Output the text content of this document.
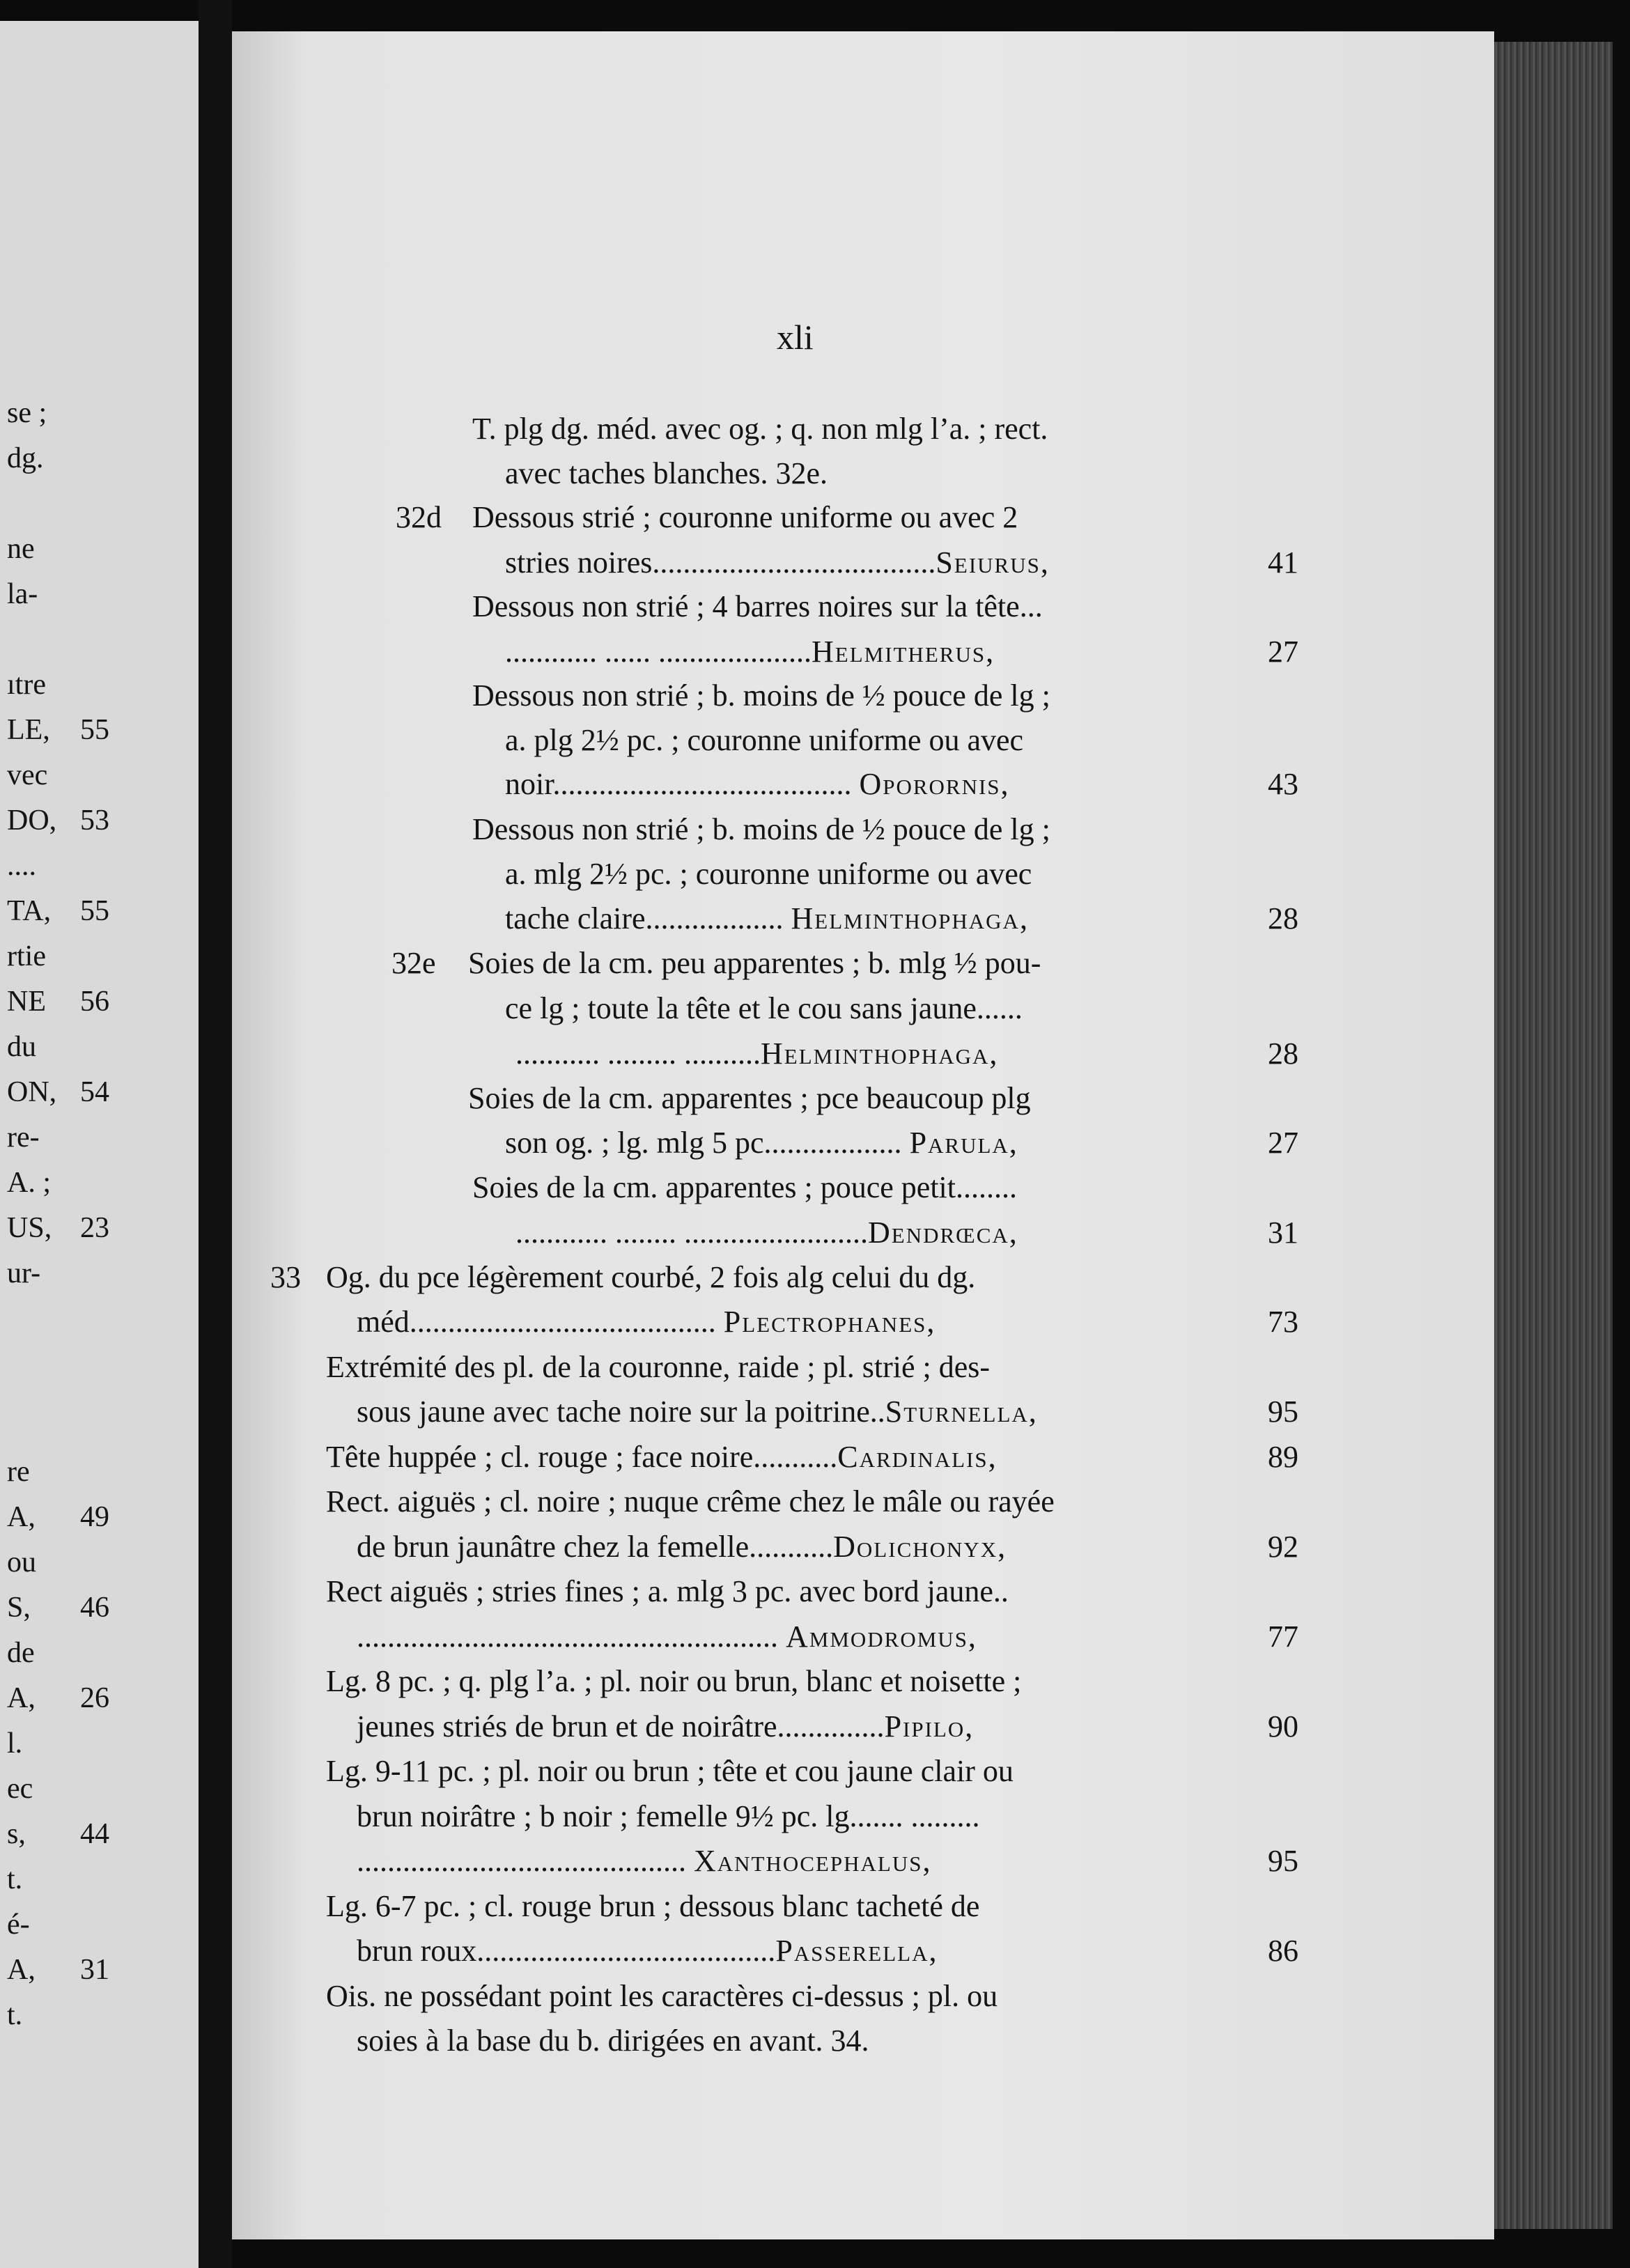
se ;
dg.
ne
la-
ıtre
LE, 55
vec
DO, 53
....
TA, 55
rtie
NE 56
du
ON, 54
re-
A. ;
US, 23
ur-
re
A, 49
ou
S, 46
de
A, 26
l.
ec
s, 44
t.
é-
A, 31
t.
xli
T. plg dg. méd. avec og. ; q. non mlg l’a. ; rect.
avec taches blanches. 32e.
32d Dessous strié ; couronne uniforme ou avec 2
stries noires.....................................Seiurus,	41
Dessous non strié ; 4 barres noires sur la tête...
............ ...... ....................Helmitherus,	27
Dessous non strié ; b. moins de ½ pouce de lg ;
a. plg 2½ pc. ; couronne uniforme ou avec
noir....................................... Oporornis,	43
Dessous non strié ; b. moins de ½ pouce de lg ;
a. mlg 2½ pc. ; couronne uniforme ou avec
tache claire.................. Helminthophaga,	28
32e Soies de la cm. peu apparentes ; b. mlg ½ pou-
ce lg ; toute la tête et le cou sans jaune......
........... ......... ..........Helminthophaga,	28
Soies de la cm. apparentes ; pce beaucoup plg
son og. ; lg. mlg 5 pc.................. Parula,	27
Soies de la cm. apparentes ; pouce petit........
............ ........ ........................Dendrœca,	31
33 Og. du pce légèrement courbé, 2 fois alg celui du dg.
méd........................................ Plectrophanes,	73
Extrémité des pl. de la couronne, raide ; pl. strié ; des-
sous jaune avec tache noire sur la poitrine..Sturnella,	95
Tête huppée ; cl. rouge ; face noire...........Cardinalis,	89
Rect. aiguës ; cl. noire ; nuque crême chez le mâle ou rayée
de brun jaunâtre chez la femelle...........Dolichonyx,	92
Rect aiguës ; stries fines ; a. mlg 3 pc. avec bord jaune..
....................................................... Ammodromus,	77
Lg. 8 pc. ; q. plg l’a. ; pl. noir ou brun, blanc et noisette ;
jeunes striés de brun et de noirâtre..............Pipilo,	90
Lg. 9-11 pc. ; pl. noir ou brun ; tête et cou jaune clair ou
brun noirâtre ; b noir ; femelle 9½ pc. lg....... .........
........................................... Xanthocephalus,	95
Lg. 6-7 pc. ; cl. rouge brun ; dessous blanc tacheté de
brun roux.......................................Passerella,	86
Ois. ne possédant point les caractères ci-dessus ; pl. ou
soies à la base du b. dirigées en avant. 34.
